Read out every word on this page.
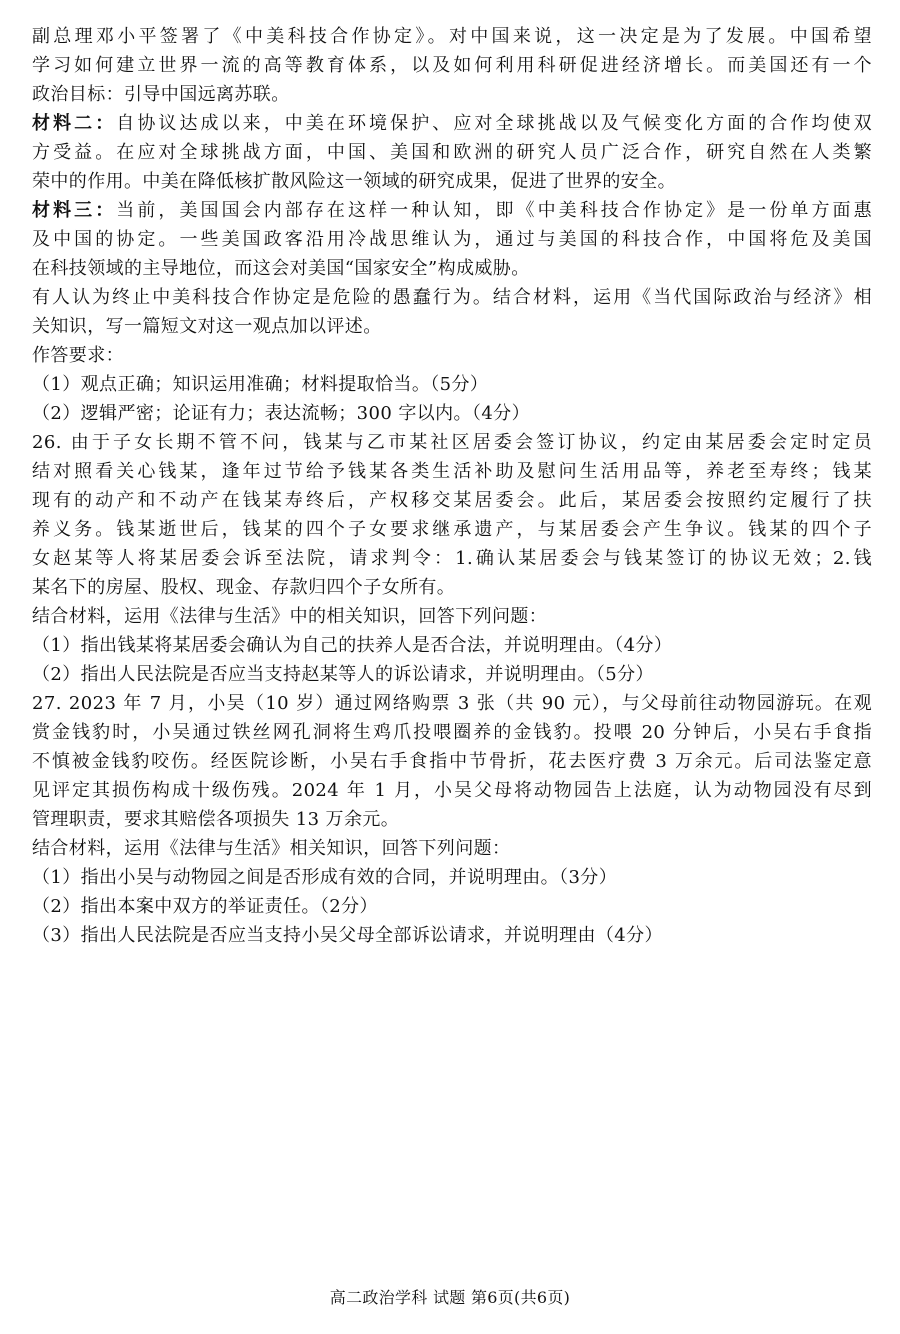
副总理邓小平签署了《中美科技合作协定》。对中国来说，这一决定是为了发展。中国希望
学习如何建立世界一流的高等教育体系，以及如何利用科研促进经济增长。而美国还有一个
政治目标：引导中国远离苏联。
材料二：自协议达成以来，中美在环境保护、应对全球挑战以及气候变化方面的合作均使双
方受益。在应对全球挑战方面，中国、美国和欧洲的研究人员广泛合作，研究自然在人类繁
荣中的作用。中美在降低核扩散风险这一领域的研究成果，促进了世界的安全。
材料三：当前，美国国会内部存在这样一种认知，即《中美科技合作协定》是一份单方面惠
及中国的协定。一些美国政客沿用冷战思维认为，通过与美国的科技合作，中国将危及美国
在科技领域的主导地位，而这会对美国“国家安全”构成威胁。
有人认为终止中美科技合作协定是危险的愚蠢行为。结合材料，运用《当代国际政治与经济》相
关知识，写一篇短文对这一观点加以评述。
作答要求：
（1）观点正确；知识运用准确；材料提取恰当。（5分）
（2）逻辑严密；论证有力；表达流畅；300 字以内。（4分）
26. 由于子女长期不管不问，钱某与乙市某社区居委会签订协议，约定由某居委会定时定员
结对照看关心钱某，逢年过节给予钱某各类生活补助及慰问生活用品等，养老至寿终；钱某
现有的动产和不动产在钱某寿终后，产权移交某居委会。此后，某居委会按照约定履行了扶
养义务。钱某逝世后，钱某的四个子女要求继承遗产，与某居委会产生争议。钱某的四个子
女赵某等人将某居委会诉至法院，请求判令：1.确认某居委会与钱某签订的协议无效；2.钱
某名下的房屋、股权、现金、存款归四个子女所有。
结合材料，运用《法律与生活》中的相关知识，回答下列问题：
（1）指出钱某将某居委会确认为自己的扶养人是否合法，并说明理由。（4分）
（2）指出人民法院是否应当支持赵某等人的诉讼请求，并说明理由。（5分）
27. 2023 年 7 月，小吴（10 岁）通过网络购票 3 张（共 90 元），与父母前往动物园游玩。在观
赏金钱豹时，小吴通过铁丝网孔洞将生鸡爪投喂圈养的金钱豹。投喂 20 分钟后，小吴右手食指
不慎被金钱豹咬伤。经医院诊断，小吴右手食指中节骨折，花去医疗费 3 万余元。后司法鉴定意
见评定其损伤构成十级伤残。2024 年 1 月，小吴父母将动物园告上法庭，认为动物园没有尽到
管理职责，要求其赔偿各项损失 13 万余元。
结合材料，运用《法律与生活》相关知识，回答下列问题：
（1）指出小吴与动物园之间是否形成有效的合同，并说明理由。（3分）
（2）指出本案中双方的举证责任。（2分）
（3）指出人民法院是否应当支持小吴父母全部诉讼请求，并说明理由（4分）
高二政治学科 试题 第6页(共6页)
